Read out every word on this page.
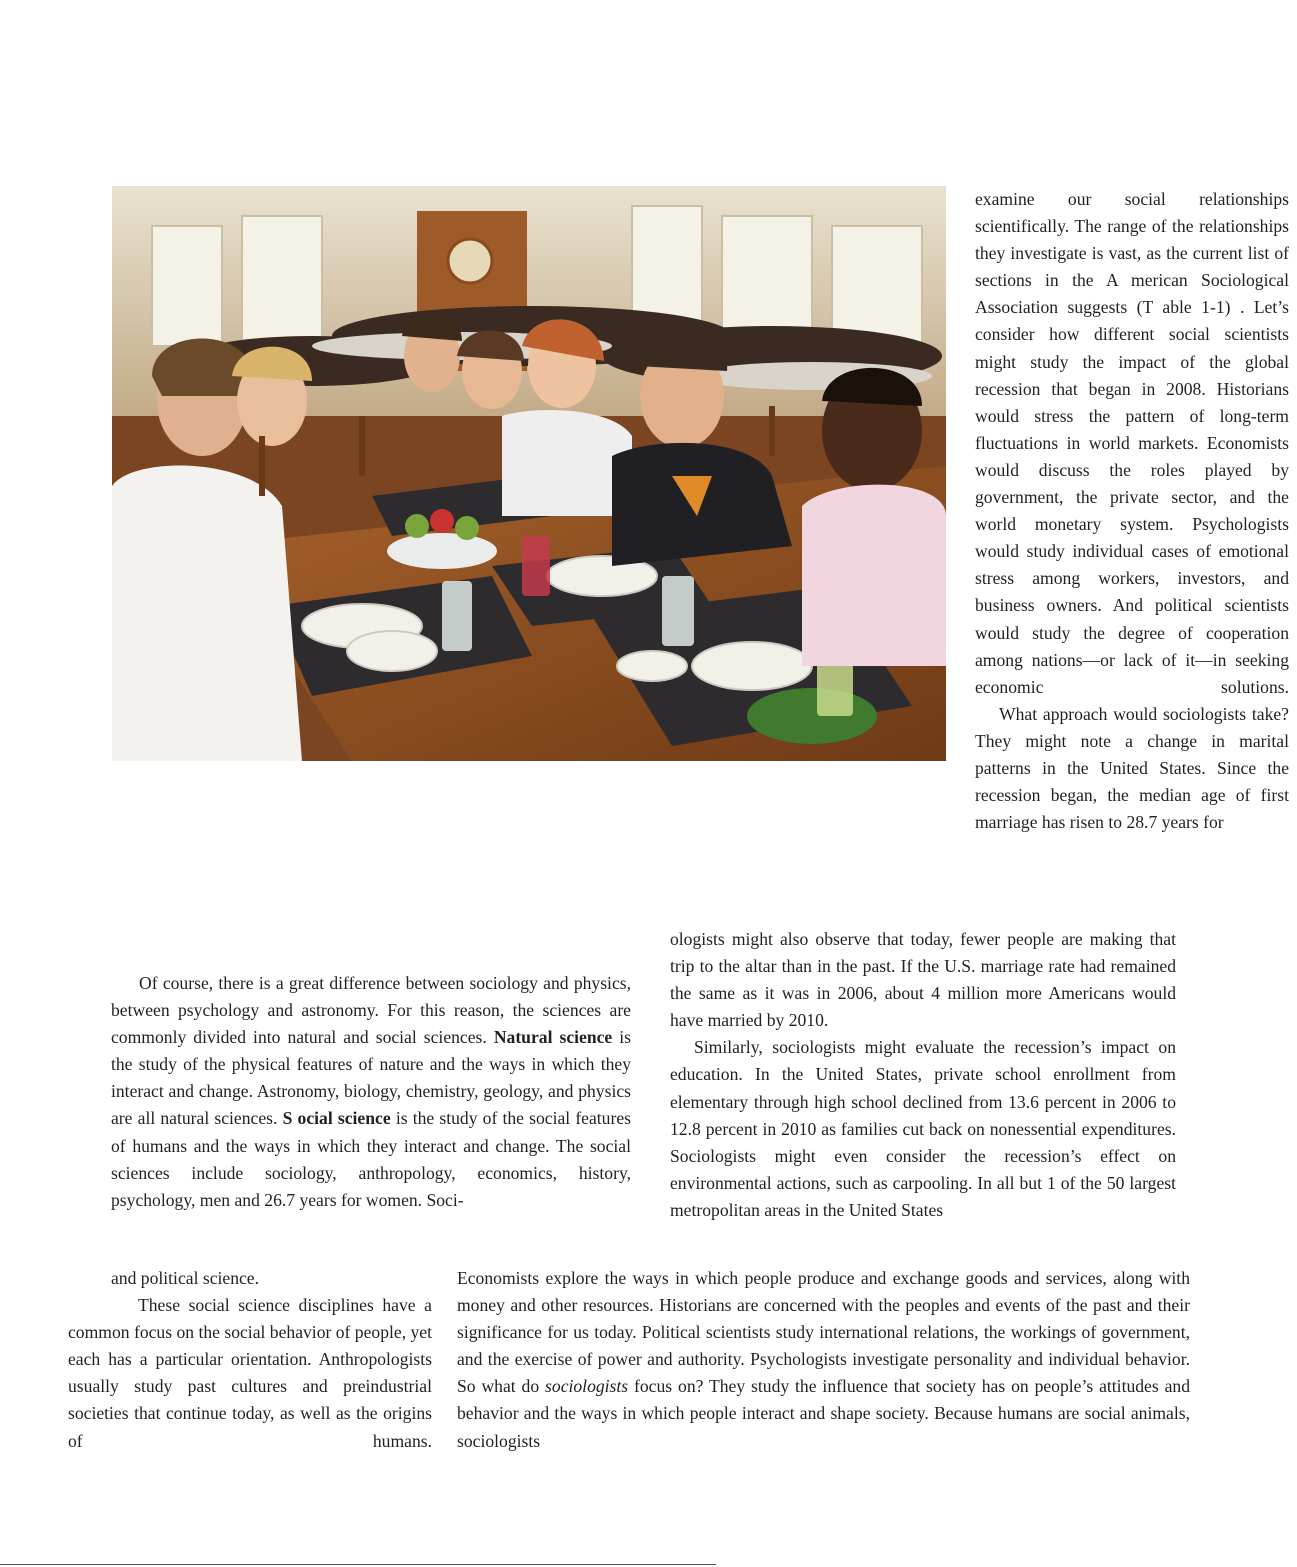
examine our social relationships scientifically. The range of the relationships they investigate is vast, as the current list of sections in the A merican Sociological Association suggests (T able 1-1) . Let’s consider how different social scientists might study the impact of the global recession that began in 2008. Historians would stress the pattern of long-term fluctuations in world markets. Economists would discuss the roles played by government, the private sector, and the world monetary system. Psychologists would study individual cases of emotional stress among workers, investors, and business owners. And political scientists would study the degree of cooperation among nations—or lack of it—in seeking economic solutions.

What approach would sociologists take? They might note a change in marital patterns in the United States. Since the recession began, the median age of first marriage has risen to 28.7 years for

ologists might also observe that today, fewer people are making that trip to the altar than in the past. If the U.S. marriage rate had remained the same as it was in 2006, about 4 million more Americans would have married by 2010.

Similarly, sociologists might evaluate the recession’s impact on education. In the United States, private school enrollment from elementary through high school declined from 13.6 percent in 2006 to 12.8 percent in 2010 as families cut back on nonessential expenditures. Sociologists might even consider the recession’s effect on environmental actions, such as carpooling. In all but 1 of the 50 largest metropolitan areas in the United States

Of course, there is a great difference between sociology and physics, between psychology and astronomy. For this reason, the sciences are commonly divided into natural and social sciences. Natural science is the study of the physical features of nature and the ways in which they interact and change. Astronomy, biology, chemistry, geology, and physics are all natural sciences. S ocial science is the study of the social features of humans and the ways in which they interact and change. The social sciences include sociology, anthropology, economics, history, psychology, men and 26.7 years for women. Soci-

and political science.

These social science disciplines have a common focus on the social behavior of people, yet each has a particular orientation. Anthropologists usually study past cultures and preindustrial societies that continue today, as well as the origins of humans.

Economists explore the ways in which people produce and exchange goods and services, along with money and other resources. Historians are concerned with the peoples and events of the past and their significance for us today. Political scientists study international relations, the workings of government, and the exercise of power and authority. Psychologists investigate personality and individual behavior. So what do sociologists focus on? They study the influence that society has on people’s attitudes and behavior and the ways in which people interact and shape society. Because humans are social animals, sociologists
